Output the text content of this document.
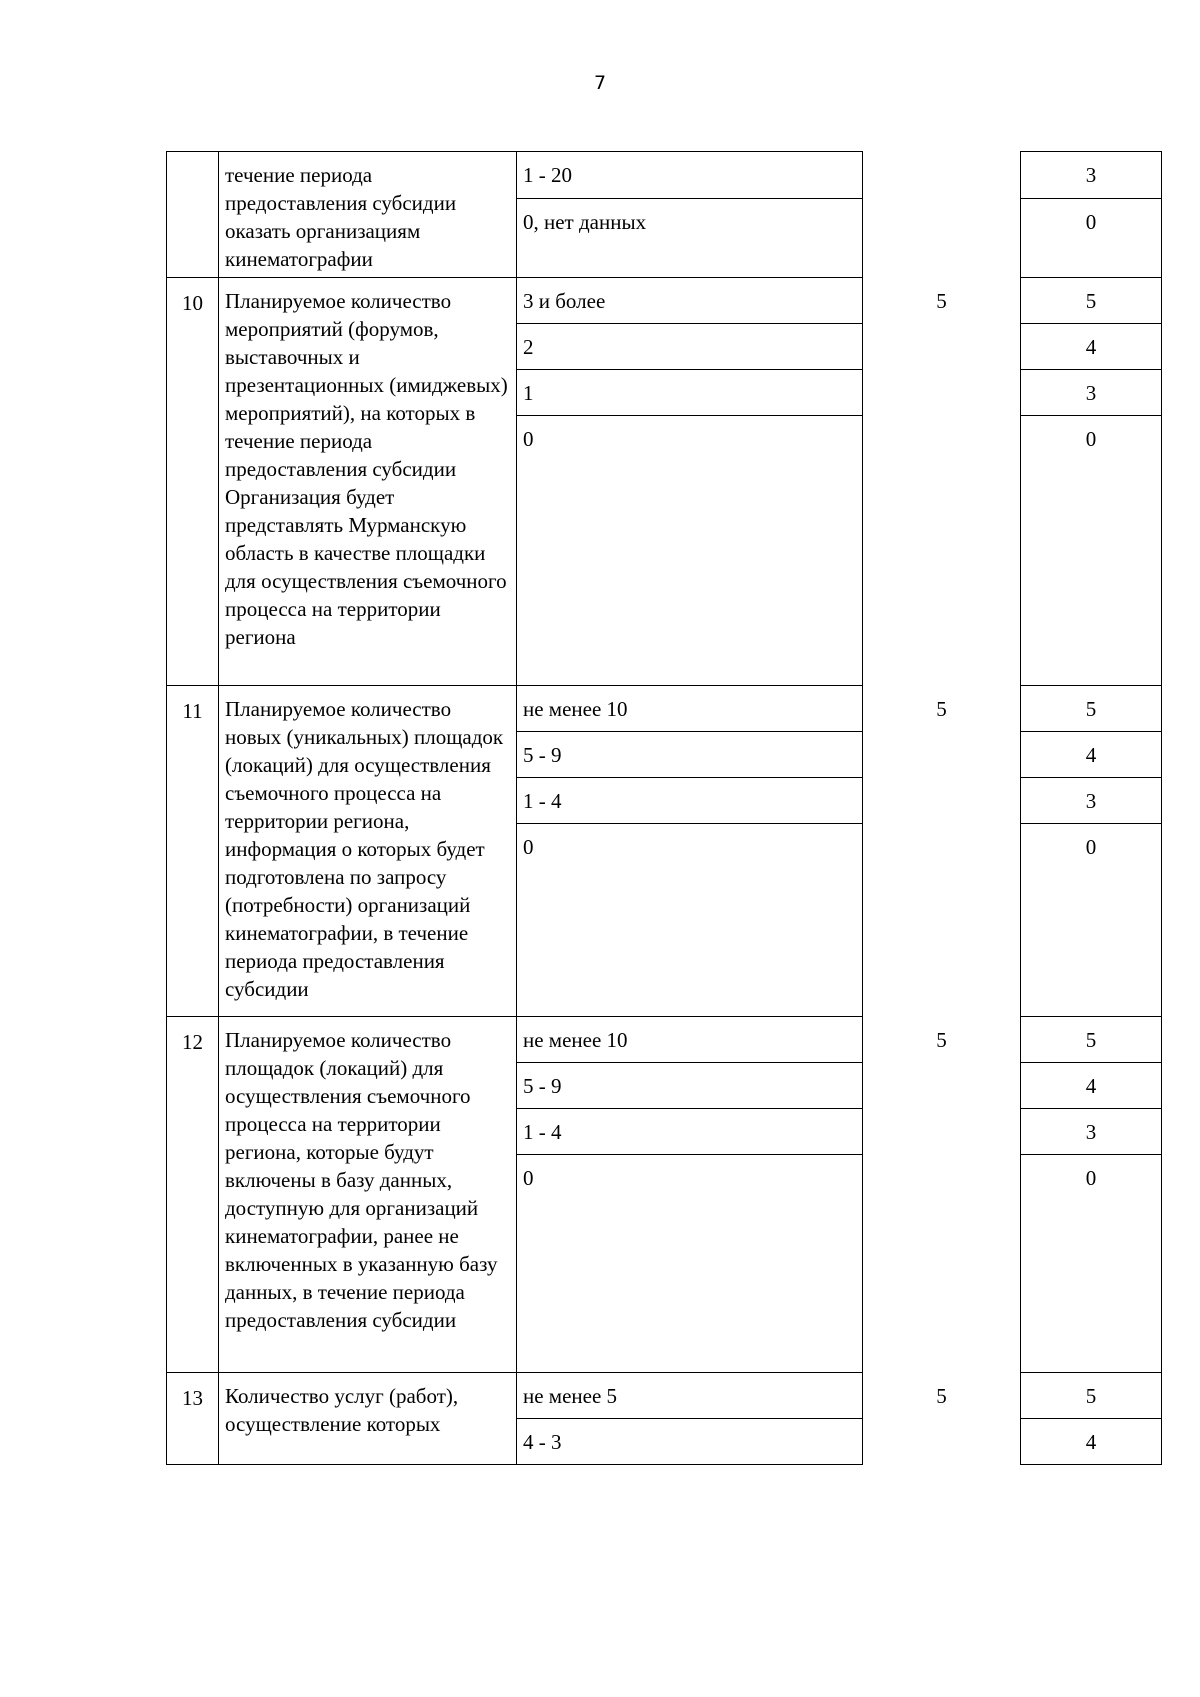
7
	течение периода предоставления субсидии оказать организациям кинематографии	1 - 20		3
		0, нет данных		0
10	Планируемое количество мероприятий (форумов, выставочных и презентационных (имиджевых) мероприятий), на которых в течение периода предоставления субсидии Организация будет представлять Мурманскую область в качестве площадки для осуществления съемочного процесса на территории региона	3 и более	5	5
		2		4
		1		3
		0		0
11	Планируемое количество новых (уникальных) площадок (локаций) для осуществления съемочного процесса на территории региона, информация о которых будет подготовлена по запросу (потребности) организаций кинематографии, в течение периода предоставления субсидии	не менее 10	5	5
		5 - 9		4
		1 - 4		3
		0		0
12	Планируемое количество площадок (локаций) для осуществления съемочного процесса на территории региона, которые будут включены в базу данных, доступную для организаций кинематографии, ранее не включенных в указанную базу данных, в течение периода предоставления субсидии	не менее 10	5	5
		5 - 9		4
		1 - 4		3
		0		0
13	Количество услуг (работ), осуществление которых	не менее 5	5	5
		4 - 3		4
